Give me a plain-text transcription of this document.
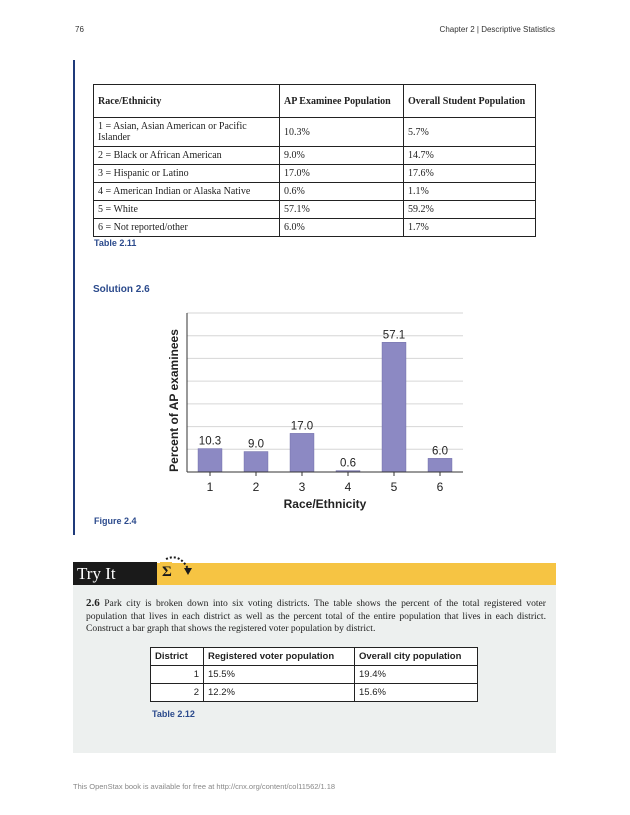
76	Chapter 2 | Descriptive Statistics
Race/Ethnicity	AP Examinee Population	Overall Student Population
1 = Asian, Asian American or Pacific Islander	10.3%	5.7%
2 = Black or African American	9.0%	14.7%
3 = Hispanic or Latino	17.0%	17.6%
4 = American Indian or Alaska Native	0.6%	1.1%
5 = White	57.1%	59.2%
6 = Not reported/other	6.0%	1.7%
Table 2.11
Solution 2.6
10.3 9.0
17.0
0.6
57.1
6.0
1	2	3	4	5	6
Race/Ethnicity
Percent of AP examinees
Figure 2.4
Try It	Σ
2.6 Park city is broken down into six voting districts. The table shows the percent of the total registered voter population that lives in each district as well as the percent total of the entire population that lives in each district. Construct a bar graph that shows the registered voter population by district.
District	Registered voter population	Overall city population
1	15.5%	19.4%
2	12.2%	15.6%
Table 2.12
This OpenStax book is available for free at http://cnx.org/content/col11562/1.18
